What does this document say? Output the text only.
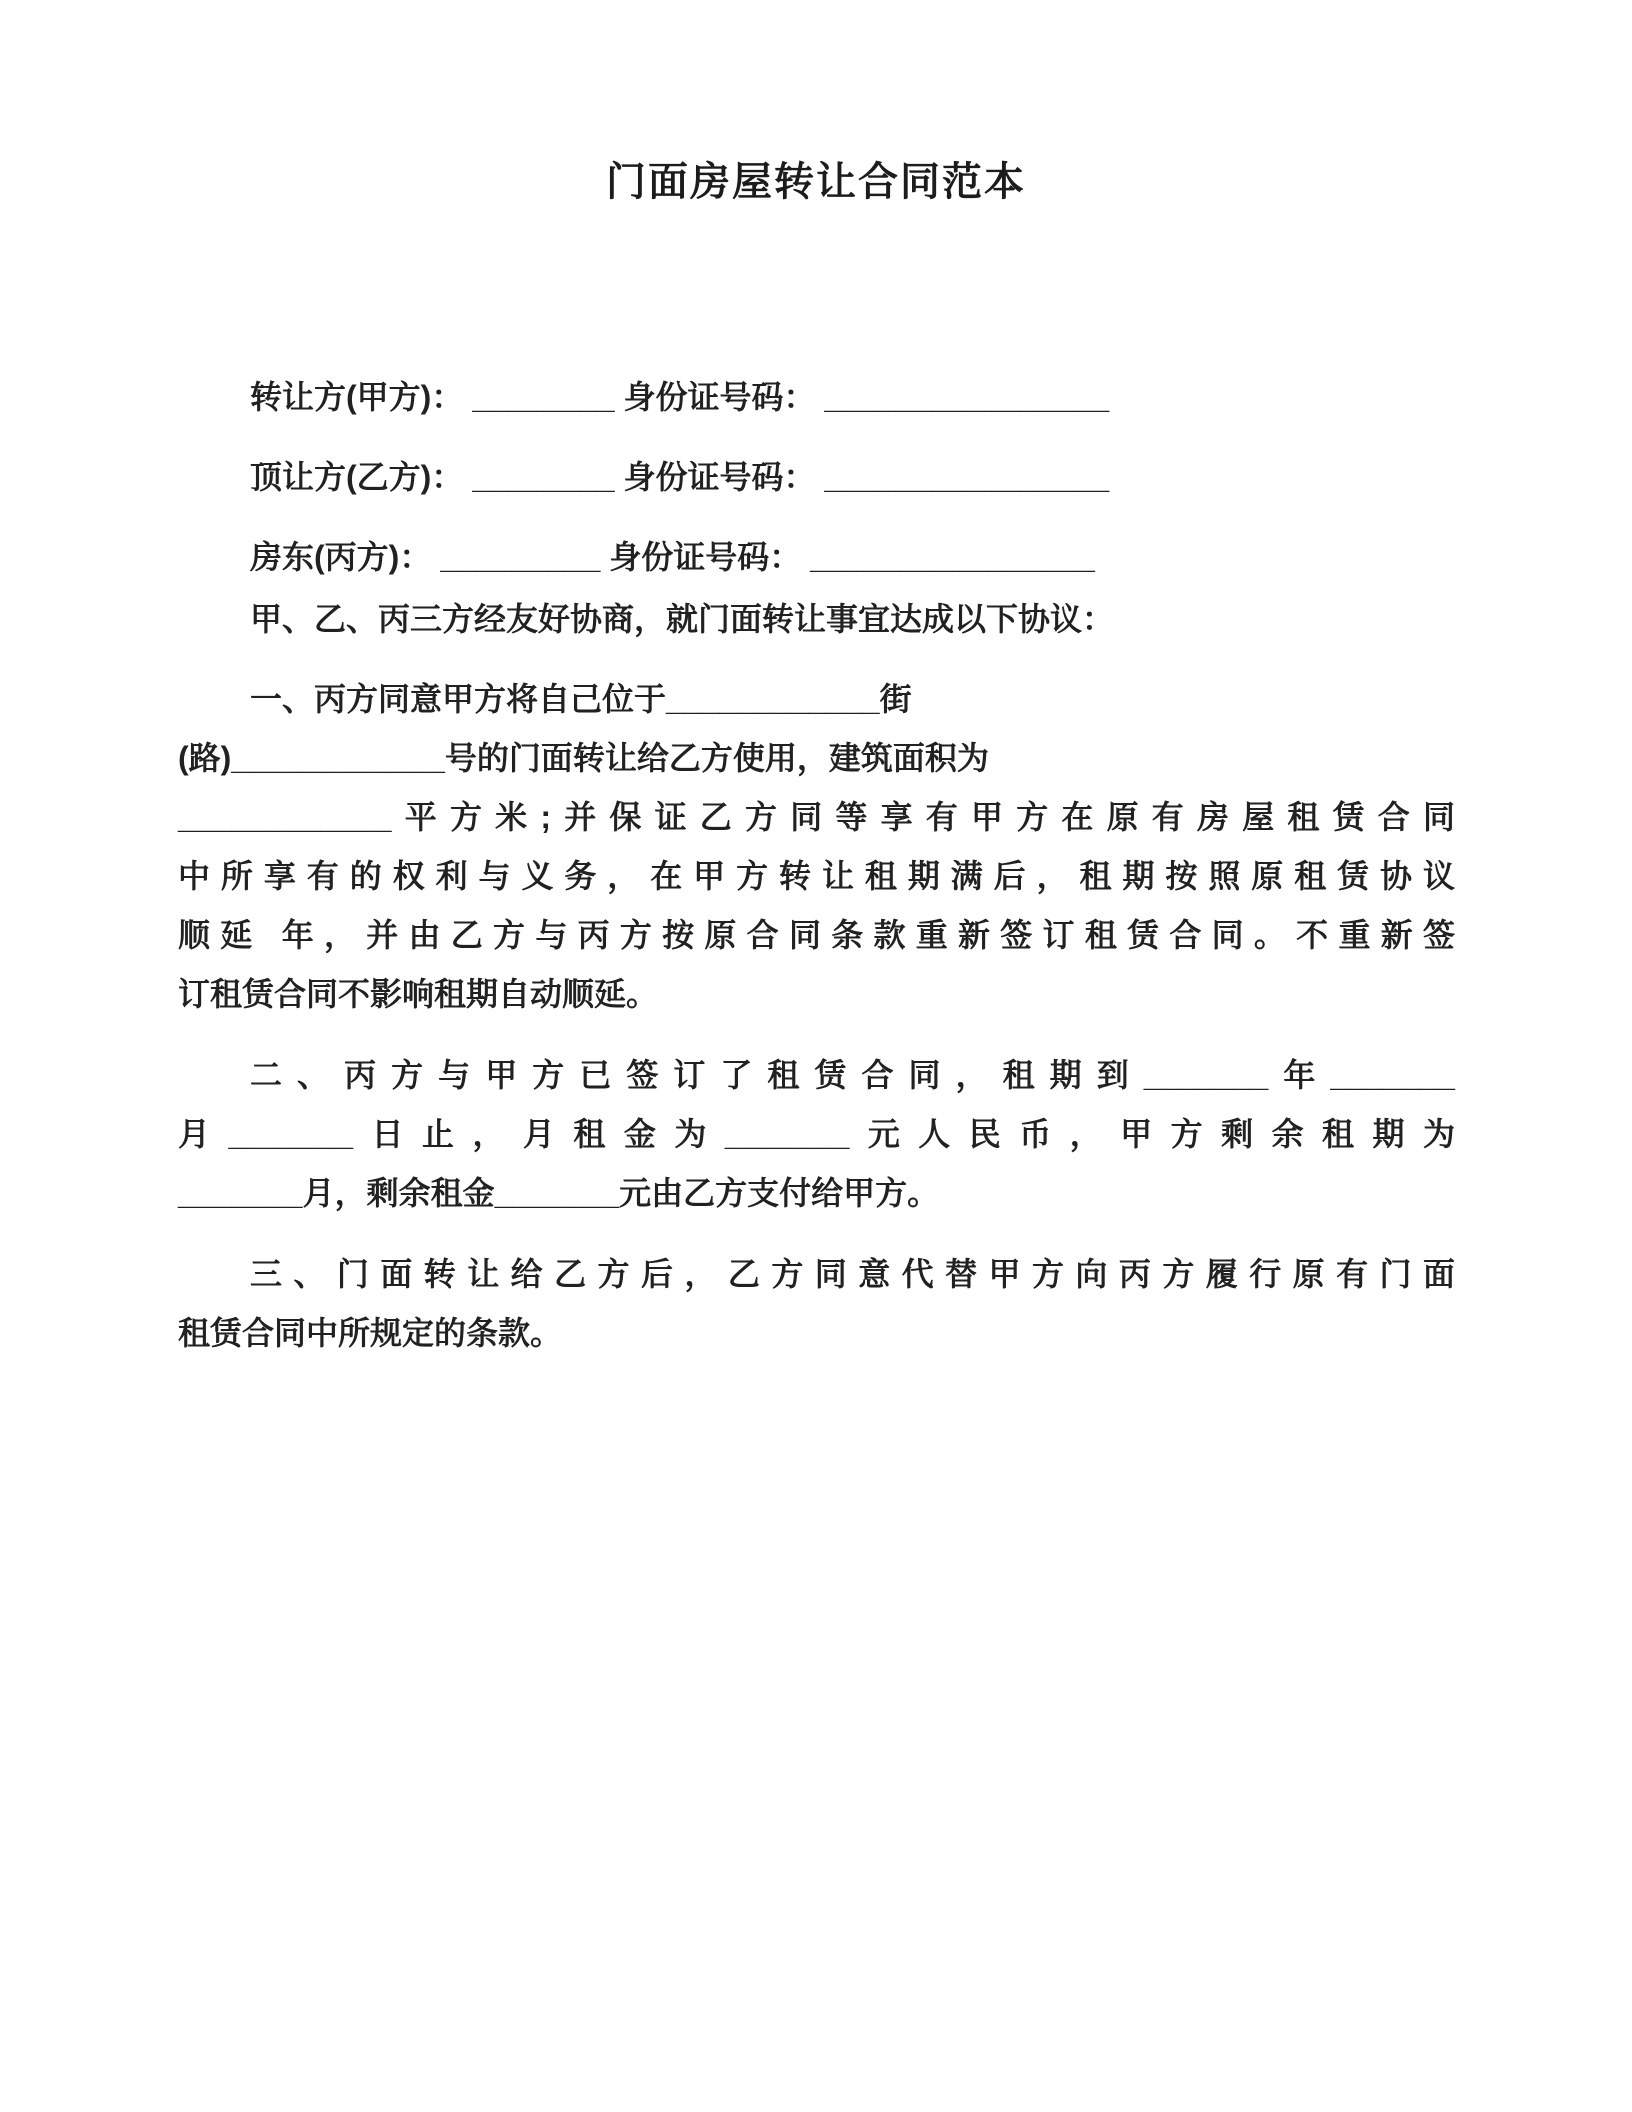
门面房屋转让合同范本

转让方(甲方)： ________ 身份证号码： ________________

顶让方(乙方)： ________ 身份证号码： ________________

房东(丙方)： _________ 身份证号码： ________________

甲、乙、丙三方经友好协商，就门面转让事宜达成以下协议：

一、丙方同意甲方将自己位于____________街
(路)____________号的门面转让给乙方使用，建筑面积为
____________平方米;并保证乙方同等享有甲方在原有房屋租赁合同
中所享有的权利与义务，在甲方转让租期满后，租期按照原租赁协议
顺延 年，并由乙方与丙方按原合同条款重新签订租赁合同。不重新签
订租赁合同不影响租期自动顺延。
二、丙方与甲方已签订了租赁合同，租期到_______年_______
月_______日止，月租金为_______元人民币，甲方剩余租期为
_______月，剩余租金_______元由乙方支付给甲方。
三、门面转让给乙方后，乙方同意代替甲方向丙方履行原有门面
租赁合同中所规定的条款。
